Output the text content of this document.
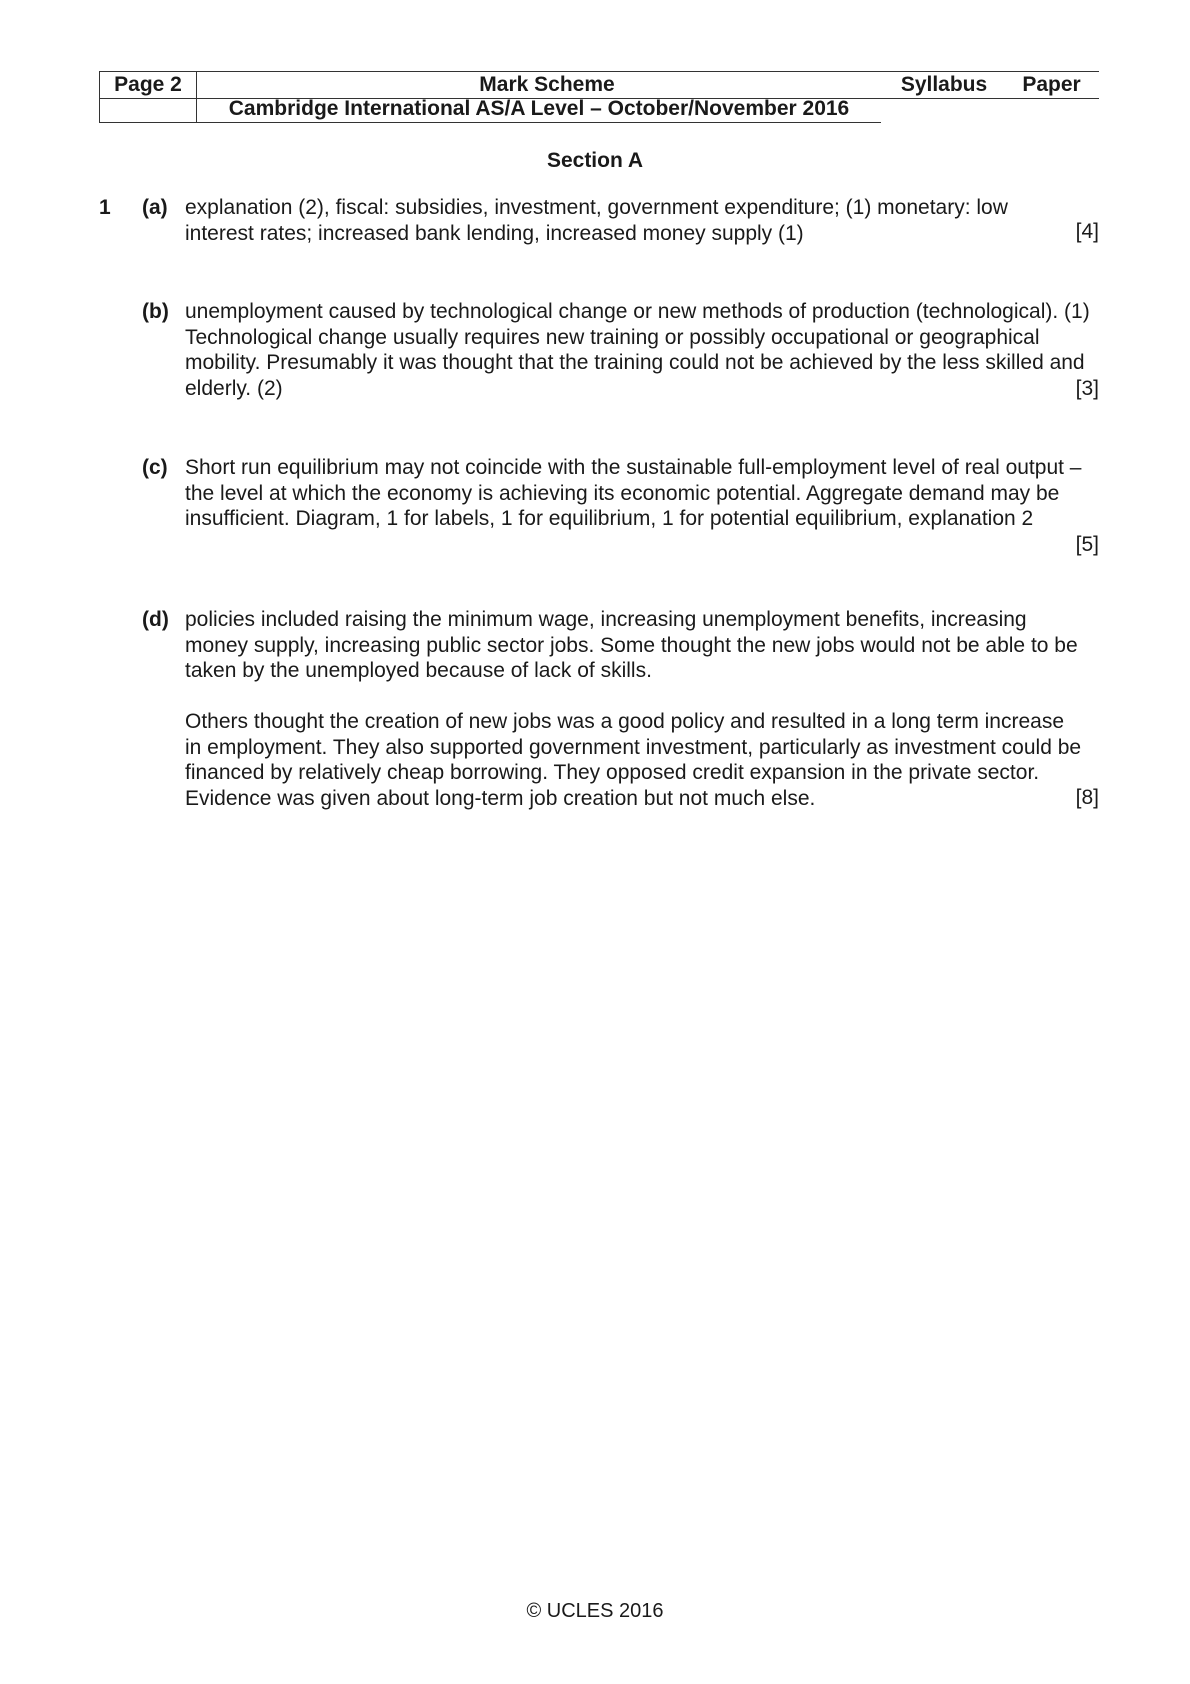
Page 2	Mark Scheme	Syllabus	Paper
Cambridge International AS/A Level – October/November 2016
Section A
1 (a) explanation (2), fiscal: subsidies, investment, government expenditure; (1) monetary: low interest rates; increased bank lending, increased money supply (1)	[4]
(b) unemployment caused by technological change or new methods of production (technological). (1) Technological change usually requires new training or possibly occupational or geographical mobility. Presumably it was thought that the training could not be achieved by the less skilled and elderly. (2)	[3]
(c) Short run equilibrium may not coincide with the sustainable full-employment level of real output – the level at which the economy is achieving its economic potential. Aggregate demand may be insufficient. Diagram, 1 for labels, 1 for equilibrium, 1 for potential equilibrium, explanation 2
[5]
(d) policies included raising the minimum wage, increasing unemployment benefits, increasing money supply, increasing public sector jobs. Some thought the new jobs would not be able to be taken by the unemployed because of lack of skills.
Others thought the creation of new jobs was a good policy and resulted in a long term increase in employment. They also supported government investment, particularly as investment could be financed by relatively cheap borrowing. They opposed credit expansion in the private sector. Evidence was given about long-term job creation but not much else.	[8]
© UCLES 2016
